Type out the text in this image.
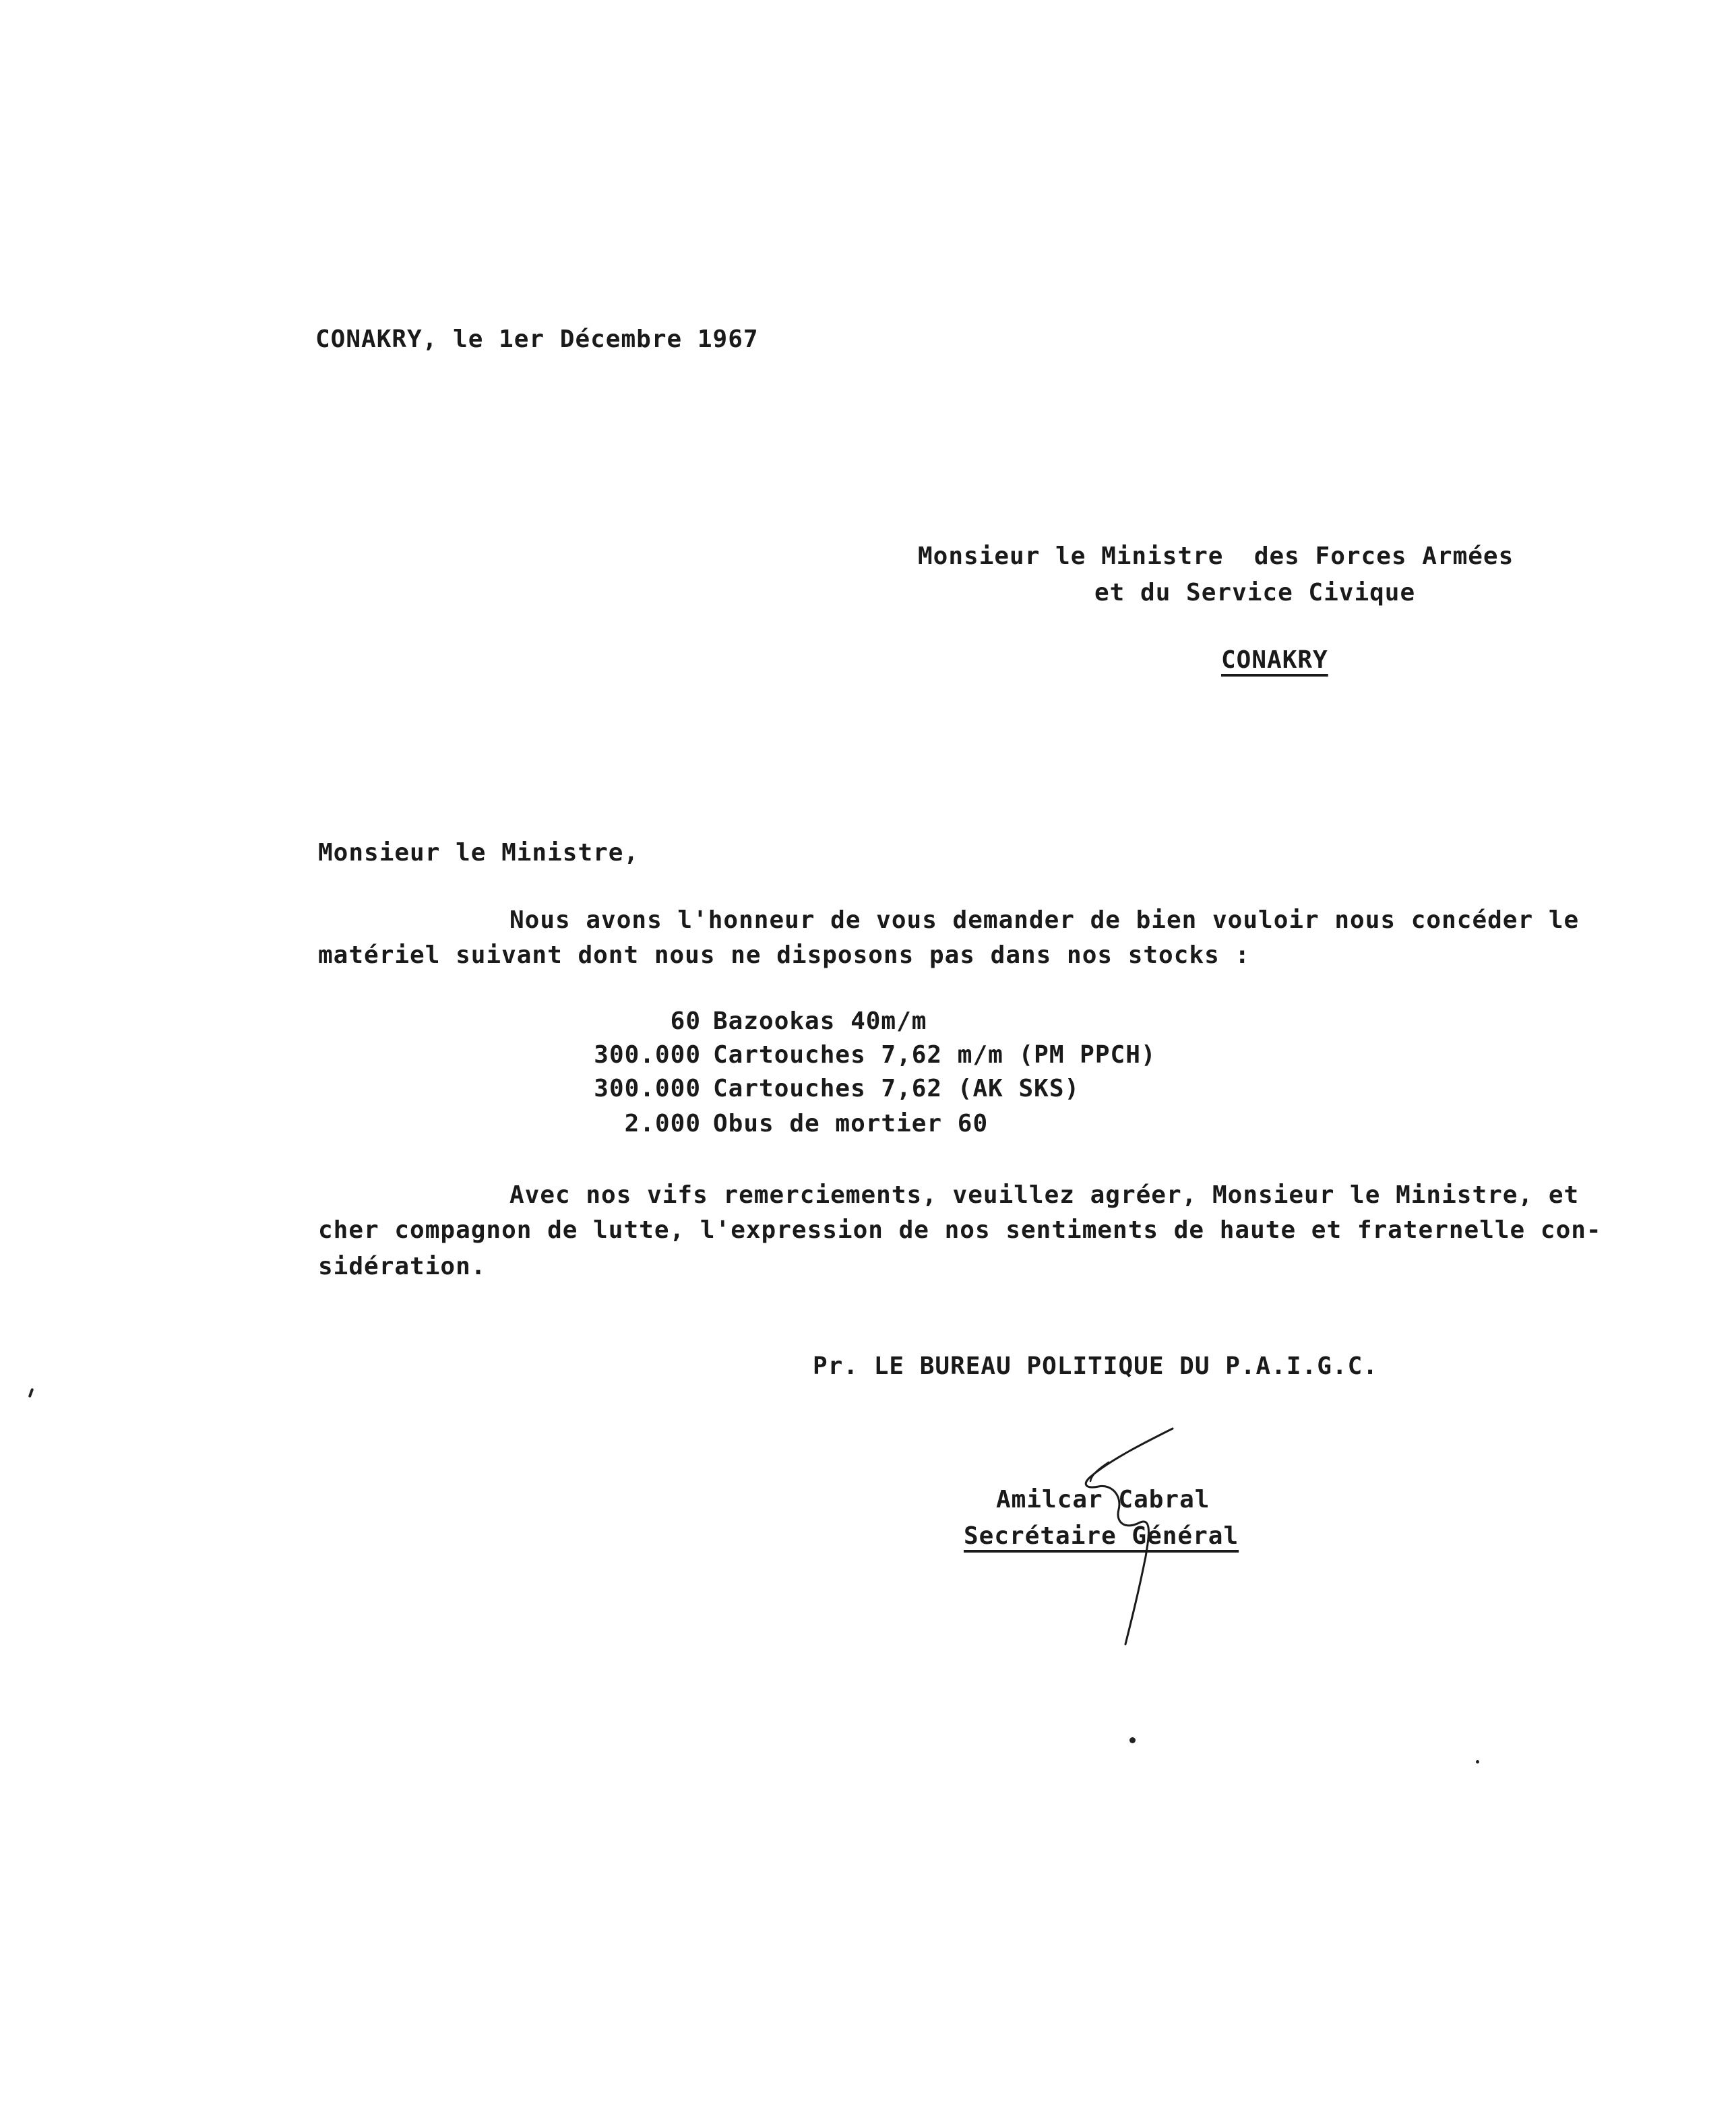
CONAKRY, le 1er Décembre 1967
Monsieur le Ministre  des Forces Armées
et du Service Civique
CONAKRY
Monsieur le Ministre,
Nous avons l'honneur de vous demander de bien vouloir nous concéder le
matériel suivant dont nous ne disposons pas dans nos stocks :
60 Bazookas 40m/m
300.000 Cartouches 7,62 m/m (PM PPCH)
300.000 Cartouches 7,62 (AK SKS)
2.000 Obus de mortier 60
Avec nos vifs remerciements, veuillez agréer, Monsieur le Ministre, et
cher compagnon de lutte, l'expression de nos sentiments de haute et fraternelle con-
sidération.
Pr. LE BUREAU POLITIQUE DU P.A.I.G.C.
Amilcar Cabral
Secrétaire Général
